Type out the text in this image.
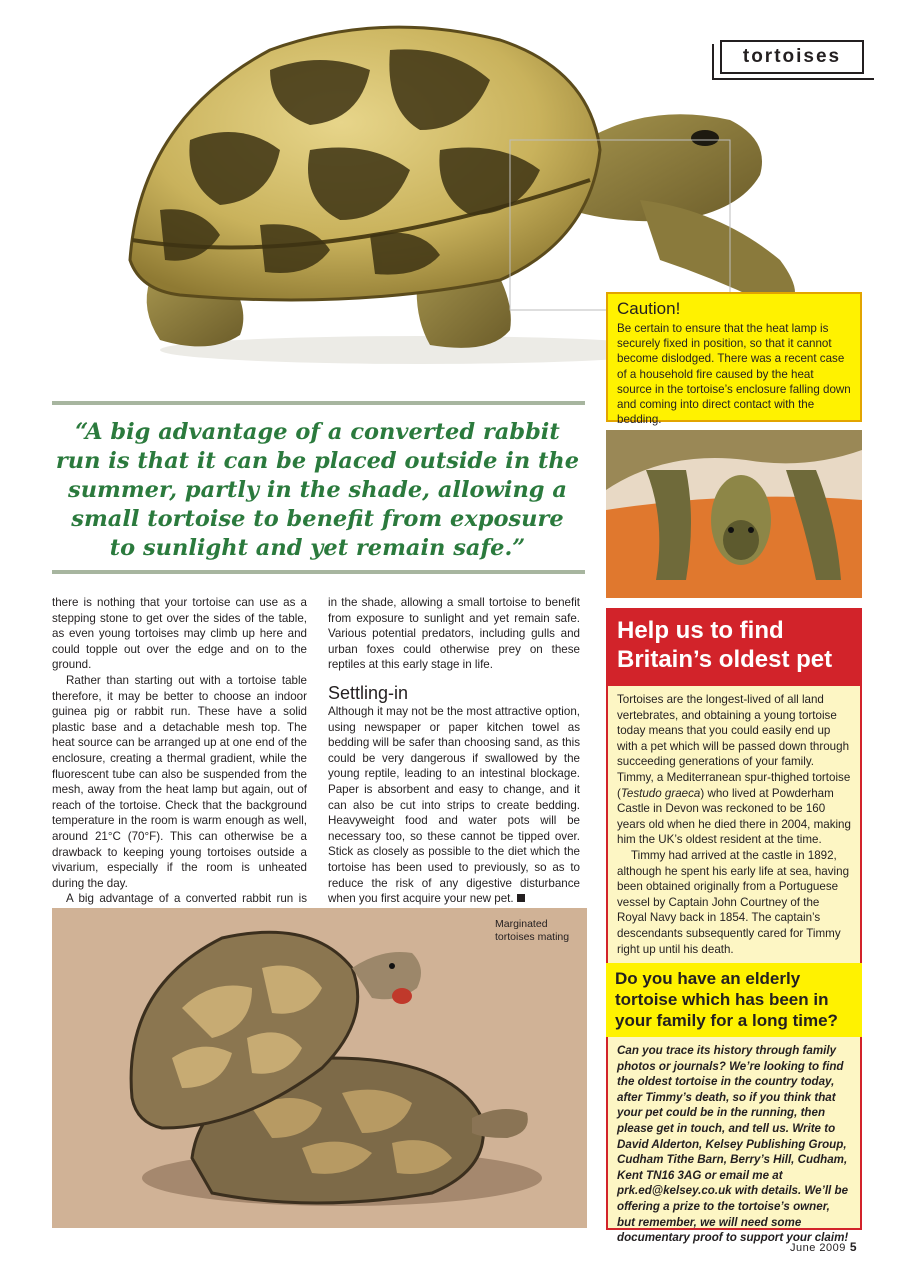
tortoises
Caution!

Be certain to ensure that the heat lamp is securely fixed in position, so that it cannot become dislodged. There was a recent case of a household fire caused by the heat source in the tortoise’s enclosure falling down and coming into direct contact with the bedding.

“A big advantage of a converted rabbit run is that it can be placed outside in the summer, partly in the shade, allowing a small tortoise to benefit from exposure to sunlight and yet remain safe.”

there is nothing that your tortoise can use as a stepping stone to get over the sides of the table, as even young tortoises may climb up here and could topple out over the edge and on to the ground.

Rather than starting out with a tortoise table therefore, it may be better to choose an indoor guinea pig or rabbit run. These have a solid plastic base and a detachable mesh top. The heat source can be arranged up at one end of the enclosure, creating a thermal gradient, while the fluorescent tube can also be suspended from the mesh, away from the heat lamp but again, out of reach of the tortoise. Check that the background temperature in the room is warm enough as well, around 21°C (70°F). This can otherwise be a drawback to keeping young tortoises outside a vivarium, especially if the room is unheated during the day.

A big advantage of a converted rabbit run is

in the shade, allowing a small tortoise to benefit from exposure to sunlight and yet remain safe. Various potential predators, including gulls and urban foxes could otherwise prey on these reptiles at this early stage in life.

Settling-in

Although it may not be the most attractive option, using newspaper or paper kitchen towel as bedding will be safer than choosing sand, as this could be very dangerous if swallowed by the young reptile, leading to an intestinal blockage. Paper is absorbent and easy to change, and it can also be cut into strips to create bedding. Heavyweight food and water pots will be necessary too, so these cannot be tipped over. Stick as closely as possible to the diet which the tortoise has been used to previously, so as to reduce the risk of any digestive disturbance when you first acquire your new pet.

Marginated tortoises mating
Help us to find Britain’s oldest pet

Tortoises are the longest-lived of all land vertebrates, and obtaining a young tortoise today means that you could easily end up with a pet which will be passed down through succeeding generations of your family. Timmy, a Mediterranean spur-thighed tortoise (Testudo graeca) who lived at Powderham Castle in Devon was reckoned to be 160 years old when he died there in 2004, making him the UK’s oldest resident at the time.

Timmy had arrived at the castle in 1892, although he spent his early life at sea, having been obtained originally from a Portuguese vessel by Captain John Courtney of the Royal Navy back in 1854. The captain’s descendants subsequently cared for Timmy right up until his death.

Do you have an elderly tortoise which has been in your family for a long time?
Can you trace its history through family photos or journals? We’re looking to find the oldest tortoise in the country today, after Timmy’s death, so if you think that your pet could be in the running, then please get in touch, and tell us. Write to David Alderton, Kelsey Publishing Group, Cudham Tithe Barn, Berry’s Hill, Cudham, Kent TN16 3AG or email me at prk.ed@kelsey.co.uk with details. We’ll be offering a prize to the tortoise’s owner, but remember, we will need some documentary proof to support your claim!
June 2009 5
